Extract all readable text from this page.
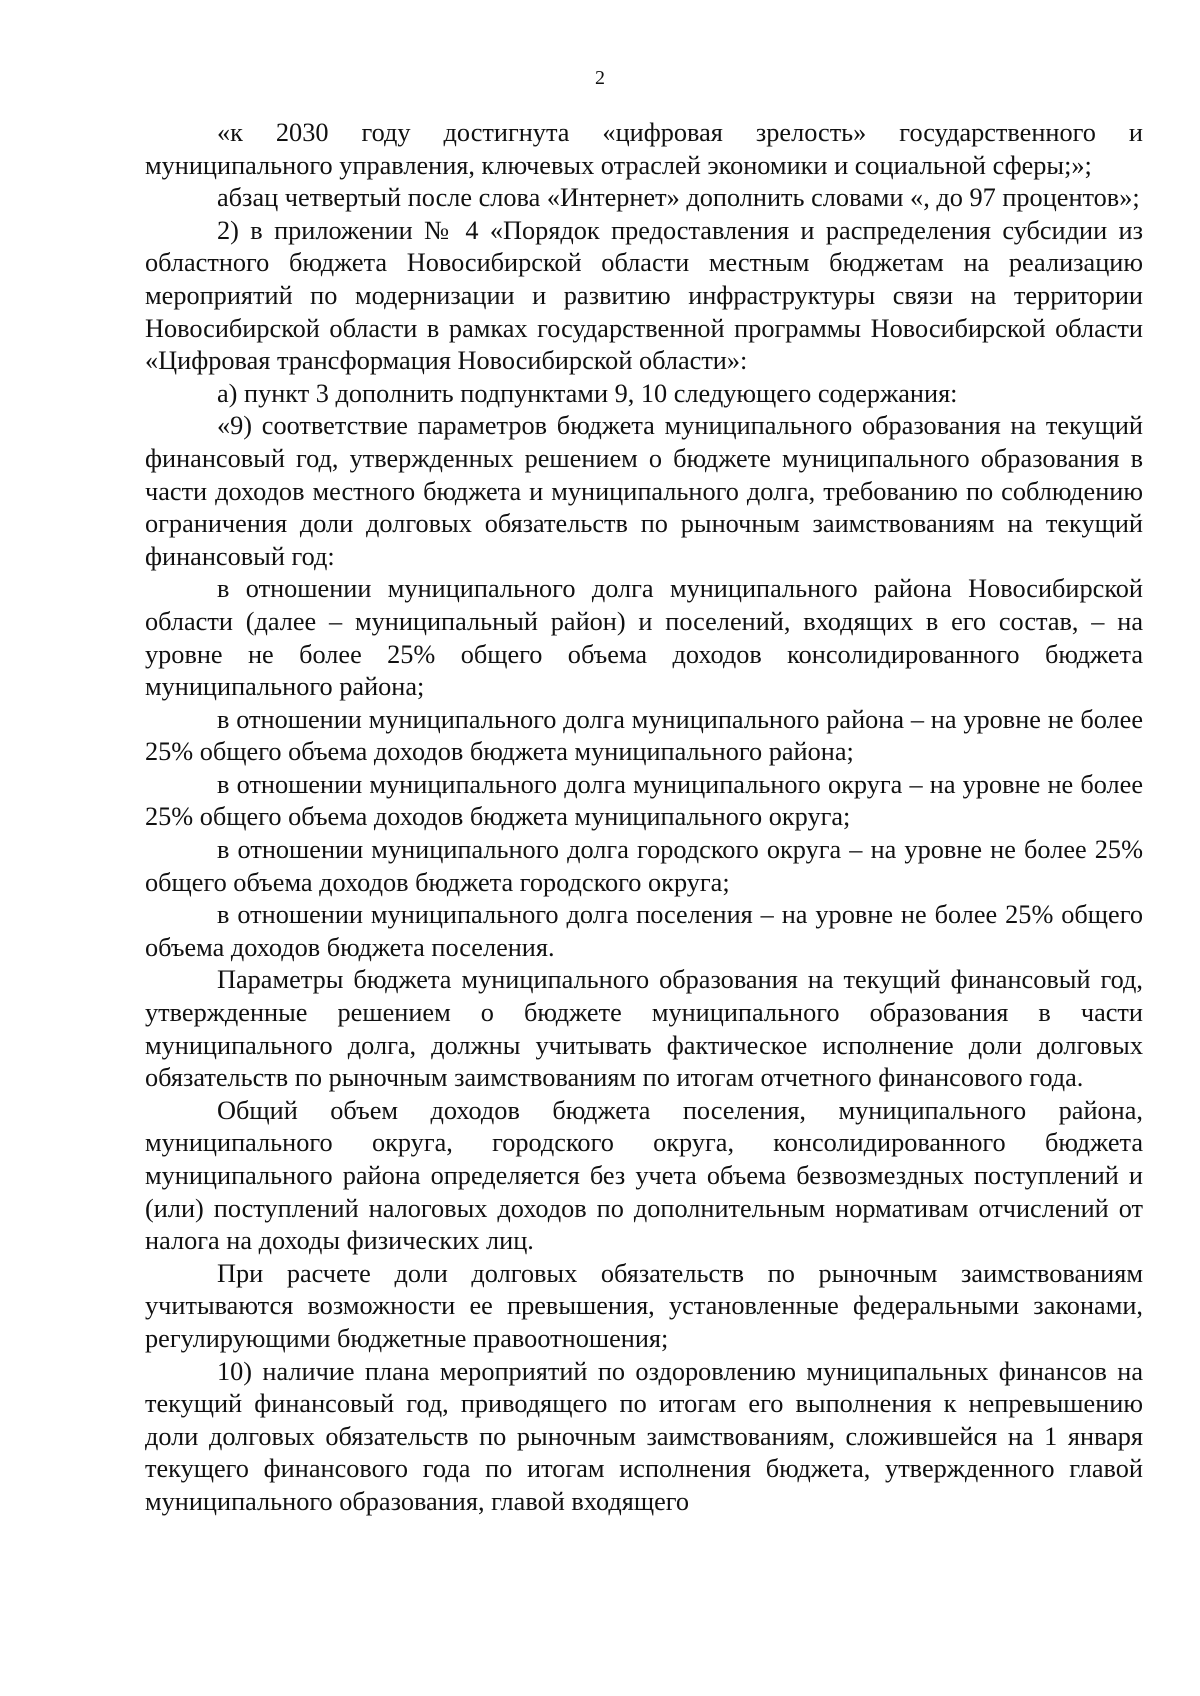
2

«к 2030 году достигнута «цифровая зрелость» государственного и муниципального управления, ключевых отраслей экономики и социальной сферы;»;

абзац четвертый после слова «Интернет» дополнить словами «, до 97 процентов»;

2) в приложении № 4 «Порядок предоставления и распределения субсидии из областного бюджета Новосибирской области местным бюджетам на реализацию мероприятий по модернизации и развитию инфраструктуры связи на территории Новосибирской области в рамках государственной программы Новосибирской области «Цифровая трансформация Новосибирской области»:

а) пункт 3 дополнить подпунктами 9, 10 следующего содержания:

«9) соответствие параметров бюджета муниципального образования на текущий финансовый год, утвержденных решением о бюджете муниципального образования в части доходов местного бюджета и муниципального долга, требованию по соблюдению ограничения доли долговых обязательств по рыночным заимствованиям на текущий финансовый год:

в отношении муниципального долга муниципального района Новосибирской области (далее – муниципальный район) и поселений, входящих в его состав, – на уровне не более 25% общего объема доходов консолидированного бюджета муниципального района;

в отношении муниципального долга муниципального района – на уровне не более 25% общего объема доходов бюджета муниципального района;

в отношении муниципального долга муниципального округа – на уровне не более 25% общего объема доходов бюджета муниципального округа;

в отношении муниципального долга городского округа – на уровне не более 25% общего объема доходов бюджета городского округа;

в отношении муниципального долга поселения – на уровне не более 25% общего объема доходов бюджета поселения.

Параметры бюджета муниципального образования на текущий финансовый год, утвержденные решением о бюджете муниципального образования в части муниципального долга, должны учитывать фактическое исполнение доли долговых обязательств по рыночным заимствованиям по итогам отчетного финансового года.

Общий объем доходов бюджета поселения, муниципального района, муниципального округа, городского округа, консолидированного бюджета муниципального района определяется без учета объема безвозмездных поступлений и (или) поступлений налоговых доходов по дополнительным нормативам отчислений от налога на доходы физических лиц.

При расчете доли долговых обязательств по рыночным заимствованиям учитываются возможности ее превышения, установленные федеральными законами, регулирующими бюджетные правоотношения;

10) наличие плана мероприятий по оздоровлению муниципальных финансов на текущий финансовый год, приводящего по итогам его выполнения к непревышению доли долговых обязательств по рыночным заимствованиям, сложившейся на 1 января текущего финансового года по итогам исполнения бюджета, утвержденного главой муниципального образования, главой входящего
